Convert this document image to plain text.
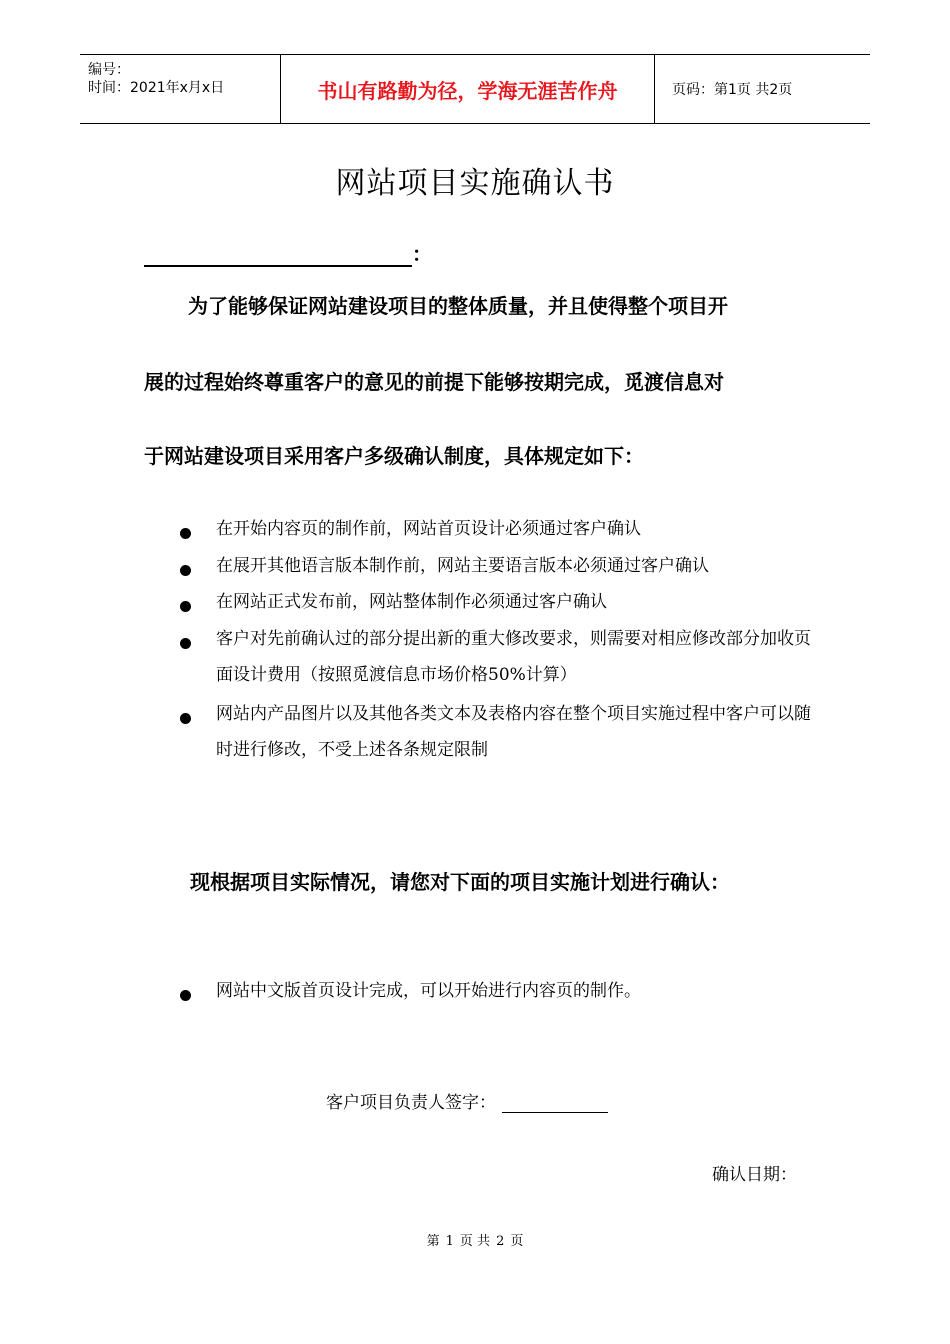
编号：
时间：2021年x月x日	书山有路勤为径，学海无涯苦作舟	页码：第1页 共2页
网站项目实施确认书
：
为了能够保证网站建设项目的整体质量，并且使得整个项目开
展的过程始终尊重客户的意见的前提下能够按期完成，觅渡信息对
于网站建设项目采用客户多级确认制度，具体规定如下：
在开始内容页的制作前，网站首页设计必须通过客户确认
在展开其他语言版本制作前，网站主要语言版本必须通过客户确认
在网站正式发布前，网站整体制作必须通过客户确认
客户对先前确认过的部分提出新的重大修改要求，则需要对相应修改部分加收页面设计费用（按照觅渡信息市场价格50%计算）
网站内产品图片以及其他各类文本及表格内容在整个项目实施过程中客户可以随时进行修改，不受上述各条规定限制
现根据项目实际情况，请您对下面的项目实施计划进行确认：
网站中文版首页设计完成，可以开始进行内容页的制作。
客户项目负责人签字：
确认日期：
第 1 页 共 2 页
